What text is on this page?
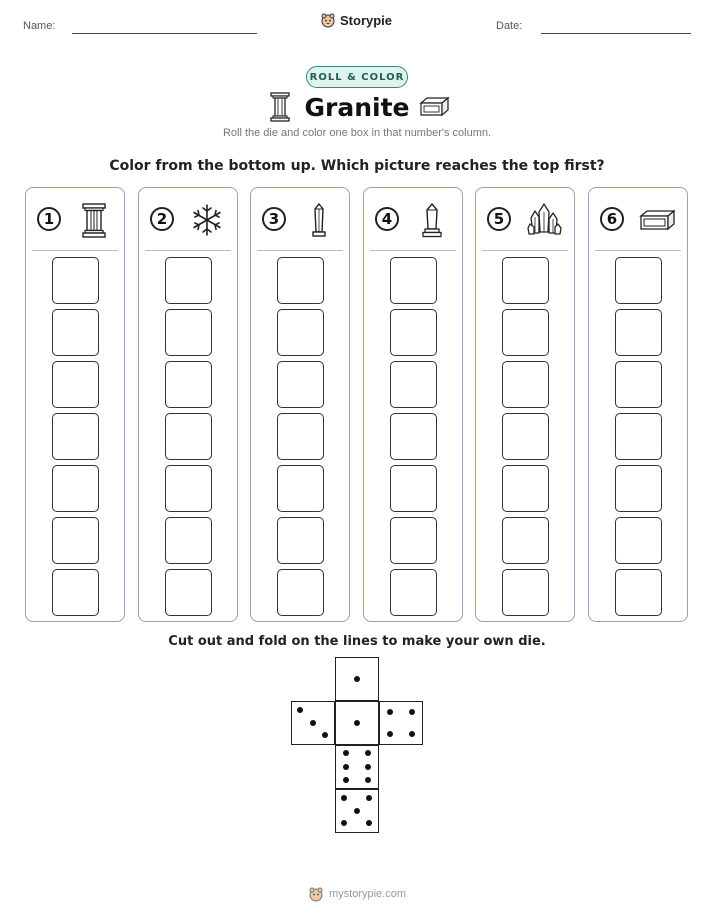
Name:	Storypie	Date:
ROLL & COLOR
Granite
Roll the die and color one box in that number's column.
Color from the bottom up. Which picture reaches the top first?
1	2	3	4	5	6
Cut out and fold on the lines to make your own die.
mystorypie.com
